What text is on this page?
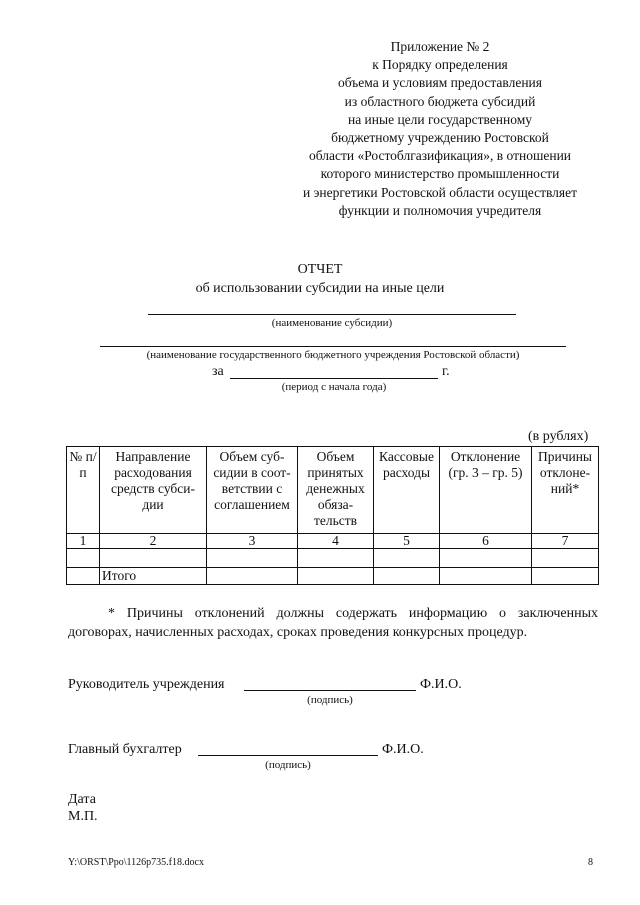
Приложение № 2
к Порядку определения
объема и условиям предоставления
из областного бюджета субсидий
на иные цели государственному
бюджетному учреждению Ростовской
области «Ростоблгазификация», в отношении
которого министерство промышленности
и энергетики Ростовской области осуществляет
функции и полномочия учредителя
ОТЧЕТ
об использовании субсидии на иные цели
(наименование субсидии)
(наименование государственного бюджетного учреждения Ростовской области)
за	г.
(период с начала года)
(в рублях)
№ п/п	Направление расходования средств субси-дии	Объем суб-сидии в соот-ветствии с соглашением	Объем принятых денежных обяза-тельств	Кассовые расходы	Отклонение (гр. 3 – гр. 5)	Причины отклоне-ний*
1	2	3	4	5	6	7

	Итого					
* Причины отклонений должны содержать информацию о заключенных договорах, начисленных расходах, сроках проведения конкурсных процедур.
Руководитель учреждения	Ф.И.О.
(подпись)
Главный бухгалтер	Ф.И.О.
(подпись)
Дата
М.П.
Y:\ORST\Ppo\1126p735.f18.docx	8
